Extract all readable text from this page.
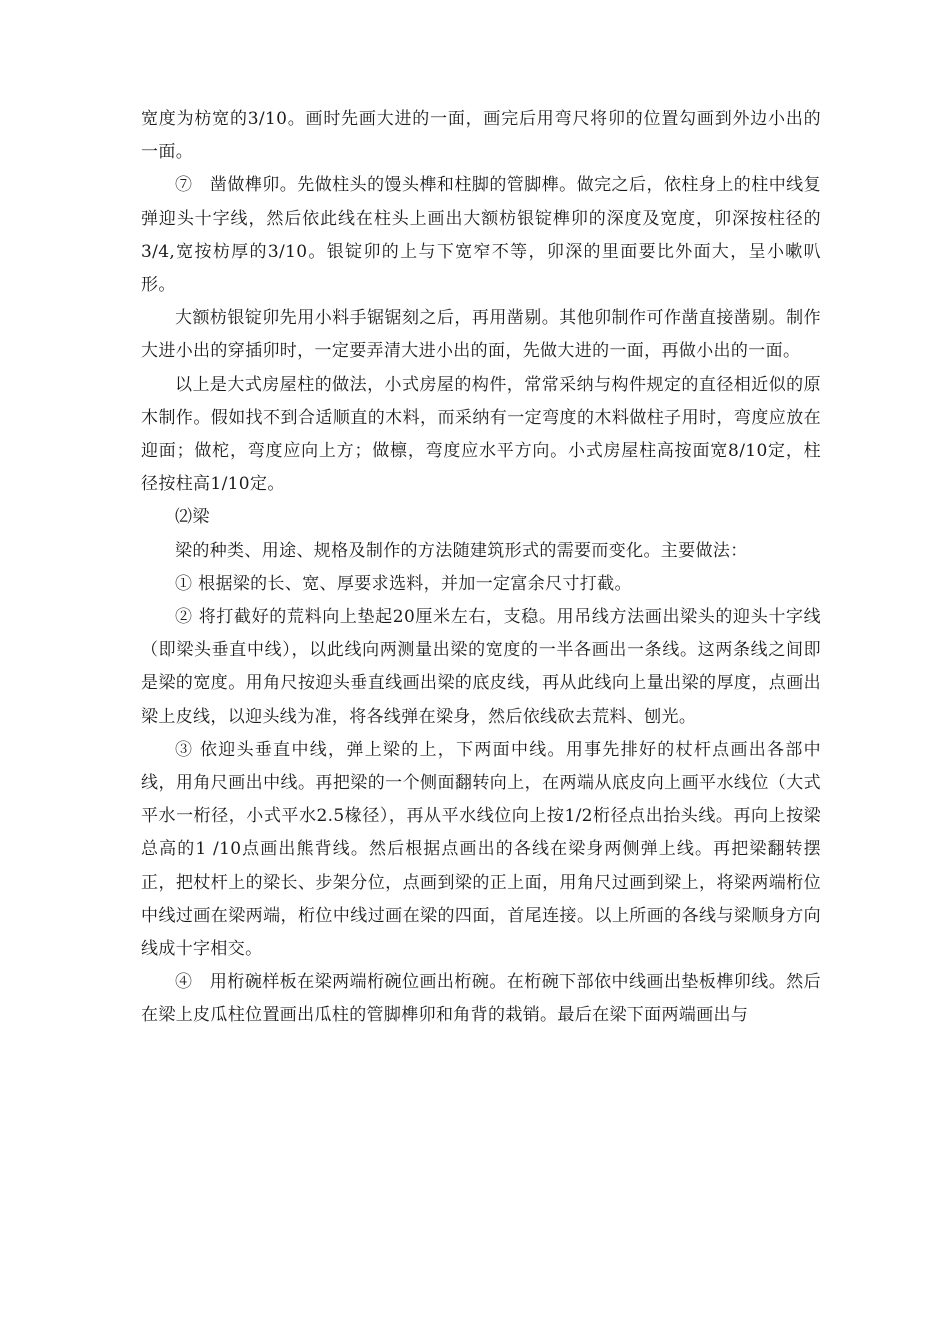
宽度为枋宽的3/10。画时先画大进的一面，画完后用弯尺将卯的位置勾画到外边小出的一面。

⑦　凿做榫卯。先做柱头的馒头榫和柱脚的管脚榫。做完之后，依柱身上的柱中线复弹迎头十字线，然后依此线在柱头上画出大额枋银锭榫卯的深度及宽度，卯深按柱径的3/4,宽按枋厚的3/10。银锭卯的上与下宽窄不等，卯深的里面要比外面大，呈小嗽叭形。

大额枋银锭卯先用小料手锯锯刻之后，再用凿剔。其他卯制作可作凿直接凿剔。制作大进小出的穿插卯时，一定要弄清大进小出的面，先做大进的一面，再做小出的一面。

以上是大式房屋柱的做法，小式房屋的构件，常常采纳与构件规定的直径相近似的原木制作。假如找不到合适顺直的木料，而采纳有一定弯度的木料做柱子用时，弯度应放在迎面；做柁，弯度应向上方；做檩，弯度应水平方向。小式房屋柱高按面宽8/10定，柱径按柱高1/10定。

⑵梁

梁的种类、用途、规格及制作的方法随建筑形式的需要而变化。主要做法：

① 根据梁的长、宽、厚要求选料，并加一定富余尺寸打截。

② 将打截好的荒料向上垫起20厘米左右，支稳。用吊线方法画出梁头的迎头十字线（即梁头垂直中线），以此线向两测量出梁的宽度的一半各画出一条线。这两条线之间即是梁的宽度。用角尺按迎头垂直线画出梁的底皮线，再从此线向上量出梁的厚度，点画出梁上皮线，以迎头线为准，将各线弹在梁身，然后依线砍去荒料、刨光。

③ 依迎头垂直中线，弹上梁的上，下两面中线。用事先排好的杖杆点画出各部中线，用角尺画出中线。再把梁的一个侧面翻转向上，在两端从底皮向上画平水线位（大式平水一桁径，小式平水2.5椽径），再从平水线位向上按1/2桁径点出抬头线。再向上按梁总高的1 /10点画出熊背线。然后根据点画出的各线在梁身两侧弹上线。再把梁翻转摆正，把杖杆上的梁长、步架分位，点画到梁的正上面，用角尺过画到梁上，将梁两端桁位中线过画在梁两端，桁位中线过画在梁的四面，首尾连接。以上所画的各线与梁顺身方向线成十字相交。

④　用桁碗样板在梁两端桁碗位画出桁碗。在桁碗下部依中线画出垫板榫卯线。然后在梁上皮瓜柱位置画出瓜柱的管脚榫卯和角背的栽销。最后在梁下面两端画出与
